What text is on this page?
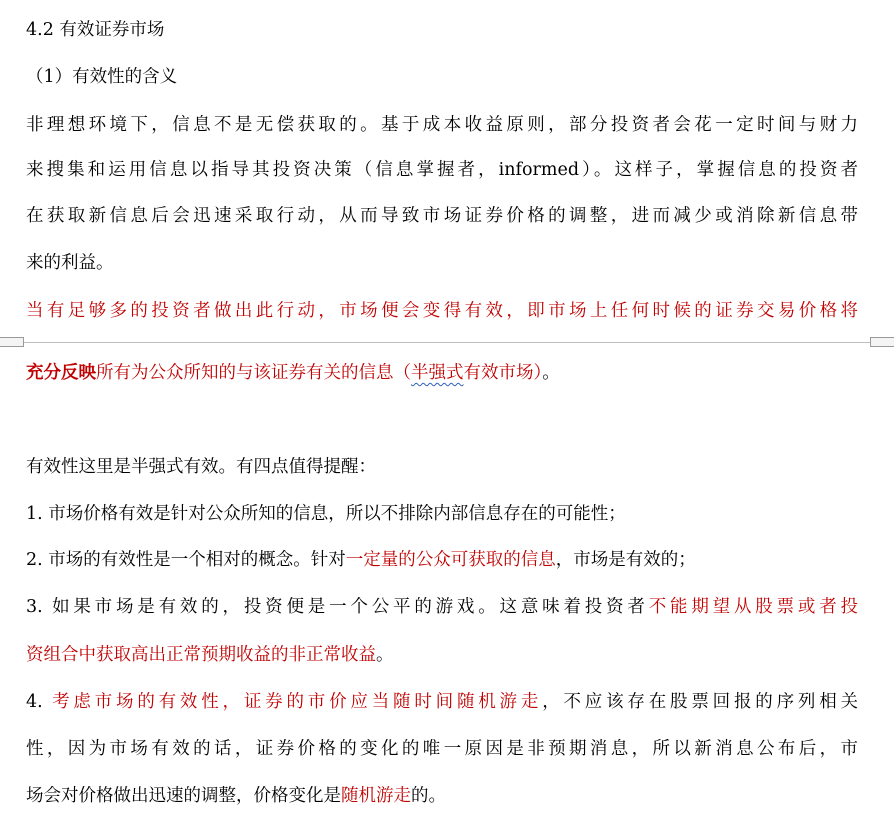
4.2 有效证券市场
（1）有效性的含义
非理想环境下，信息不是无偿获取的。基于成本收益原则，部分投资者会花一定时间与财力
来搜集和运用信息以指导其投资决策（信息掌握者，informed）。这样子，掌握信息的投资者
在获取新信息后会迅速采取行动，从而导致市场证券价格的调整，进而减少或消除新信息带
来的利益。
当有足够多的投资者做出此行动，市场便会变得有效，即市场上任何时候的证券交易价格将
充分反映所有为公众所知的与该证券有关的信息（半强式有效市场）。
有效性这里是半强式有效。有四点值得提醒：
1. 市场价格有效是针对公众所知的信息，所以不排除内部信息存在的可能性；
2. 市场的有效性是一个相对的概念。针对一定量的公众可获取的信息，市场是有效的；
3. 如果市场是有效的，投资便是一个公平的游戏。这意味着投资者不能期望从股票或者投
资组合中获取高出正常预期收益的非正常收益。
4. 考虑市场的有效性，证券的市价应当随时间随机游走，不应该存在股票回报的序列相关
性，因为市场有效的话，证券价格的变化的唯一原因是非预期消息，所以新消息公布后，市
场会对价格做出迅速的调整，价格变化是随机游走的。
